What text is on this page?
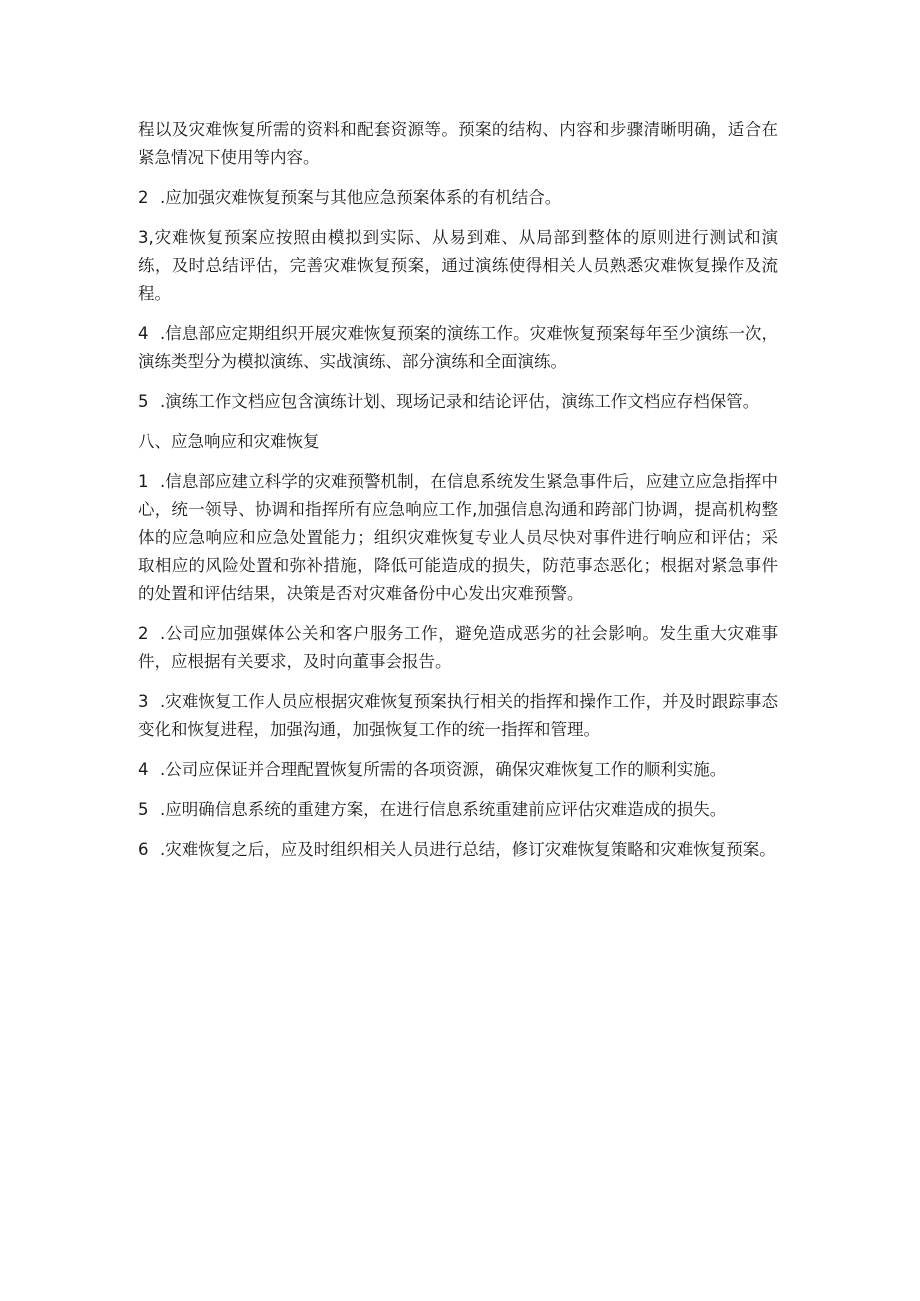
程以及灾难恢复所需的资料和配套资源等。预案的结构、内容和步骤清晰明确，适合在紧急情况下使用等内容。

2 .应加强灾难恢复预案与其他应急预案体系的有机结合。

3,灾难恢复预案应按照由模拟到实际、从易到难、从局部到整体的原则进行测试和演练，及时总结评估，完善灾难恢复预案，通过演练使得相关人员熟悉灾难恢复操作及流程。

4 .信息部应定期组织开展灾难恢复预案的演练工作。灾难恢复预案每年至少演练一次，演练类型分为模拟演练、实战演练、部分演练和全面演练。

5 .演练工作文档应包含演练计划、现场记录和结论评估，演练工作文档应存档保管。

八、应急响应和灾难恢复

1 .信息部应建立科学的灾难预警机制，在信息系统发生紧急事件后，应建立应急指挥中心，统一领导、协调和指挥所有应急响应工作,加强信息沟通和跨部门协调，提高机构整体的应急响应和应急处置能力；组织灾难恢复专业人员尽快对事件进行响应和评估；采取相应的风险处置和弥补措施，降低可能造成的损失，防范事态恶化；根据对紧急事件的处置和评估结果，决策是否对灾难备份中心发出灾难预警。

2 .公司应加强媒体公关和客户服务工作，避免造成恶劣的社会影响。发生重大灾难事件，应根据有关要求，及时向董事会报告。

3 .灾难恢复工作人员应根据灾难恢复预案执行相关的指挥和操作工作，并及时跟踪事态变化和恢复进程，加强沟通，加强恢复工作的统一指挥和管理。

4 .公司应保证并合理配置恢复所需的各项资源，确保灾难恢复工作的顺利实施。

5 .应明确信息系统的重建方案，在进行信息系统重建前应评估灾难造成的损失。

6 .灾难恢复之后，应及时组织相关人员进行总结，修订灾难恢复策略和灾难恢复预案。
